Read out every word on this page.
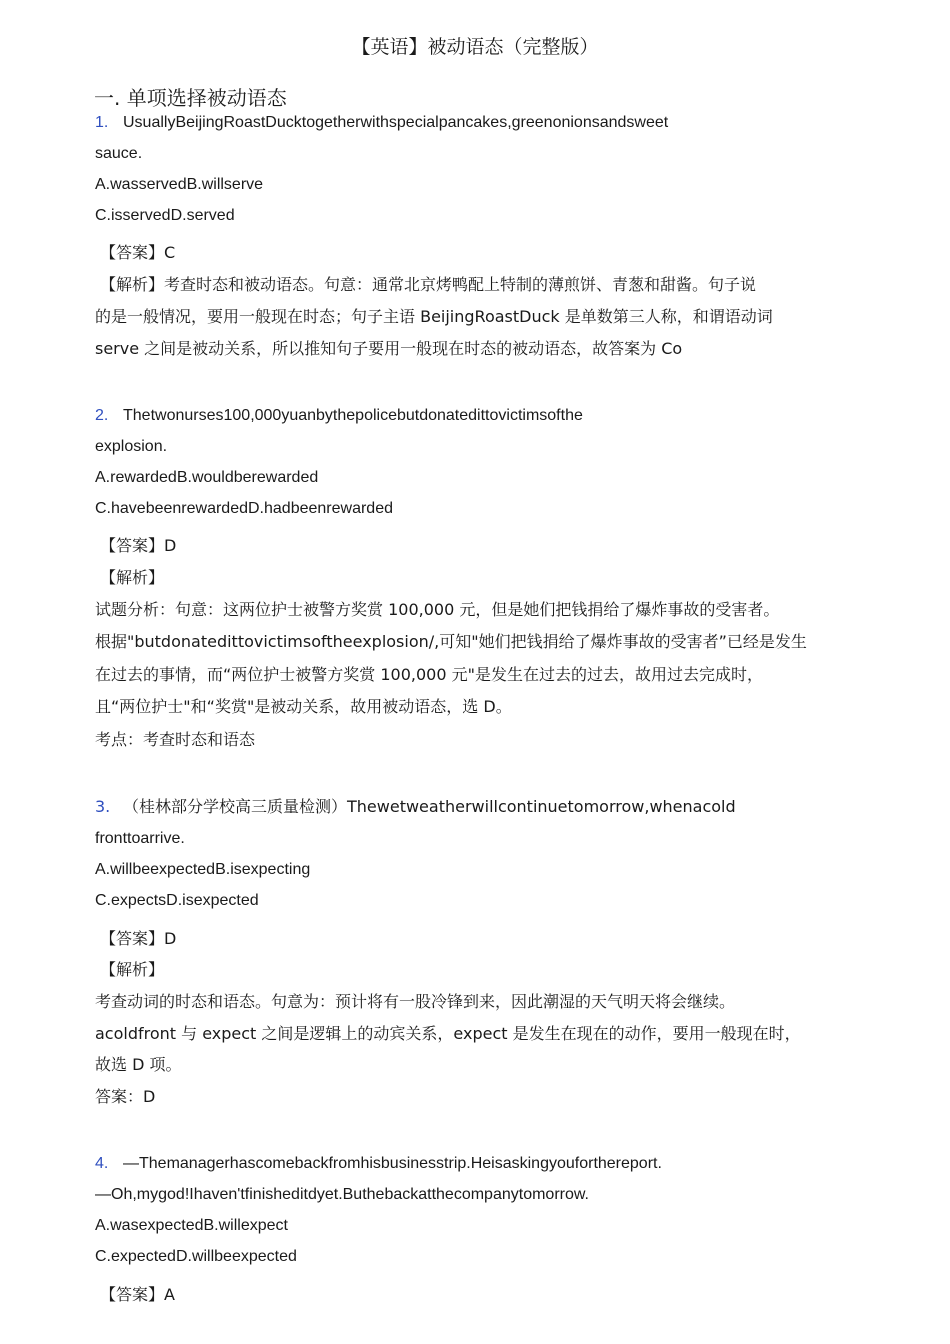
【英语】被动语态（完整版）
一. 单项选择被动语态
1. UsuallyBeijingRoastDucktogetherwithspecialpancakes,greenonionsandsweet
sauce.
A.wasservedB.willserve
C.isservedD.served
【答案】C
【解析】考查时态和被动语态。句意：通常北京烤鸭配上特制的薄煎饼、青葱和甜酱。句子说
的是一般情况，要用一般现在时态；句子主语 BeijingRoastDuck 是单数第三人称，和谓语动词
serve 之间是被动关系，所以推知句子要用一般现在时态的被动语态，故答案为 Co
2. Thetwonurses100,000yuanbythepolicebutdonatedittovictimsofthe
explosion.
A.rewardedB.wouldberewarded
C.havebeenrewardedD.hadbeenrewarded
【答案】D
【解析】
试题分析：句意：这两位护士被警方奖赏 100,000 元，但是她们把钱捐给了爆炸事故的受害者。
根据"butdonatedittovictimsoftheexplosion/,可知"她们把钱捐给了爆炸事故的受害者”已经是发生
在过去的事情，而“两位护士被警方奖赏 100,000 元"是发生在过去的过去，故用过去完成时，
且“两位护士"和“奖赏"是被动关系，故用被动语态，选 D。
考点：考查时态和语态
3. （桂林部分学校高三质量检测）Thewetweatherwillcontinuetomorrow,whenacold
fronttoarrive.
A.willbeexpectedB.isexpecting
C.expectsD.isexpected
【答案】D
【解析】
考查动词的时态和语态。句意为：预计将有一股冷锋到来，因此潮湿的天气明天将会继续。
acoldfront 与 expect 之间是逻辑上的动宾关系，expect 是发生在现在的动作，要用一般现在时，
故选 D 项。
答案：D
4. —Themanagerhascomebackfromhisbusinesstrip.Heisaskingyouforthereport.
—Oh,mygod!Ihaven'tfinisheditdyet.Buthebackatthecompanytomorrow.
A.wasexpectedB.willexpect
C.expectedD.willbeexpected
【答案】A
